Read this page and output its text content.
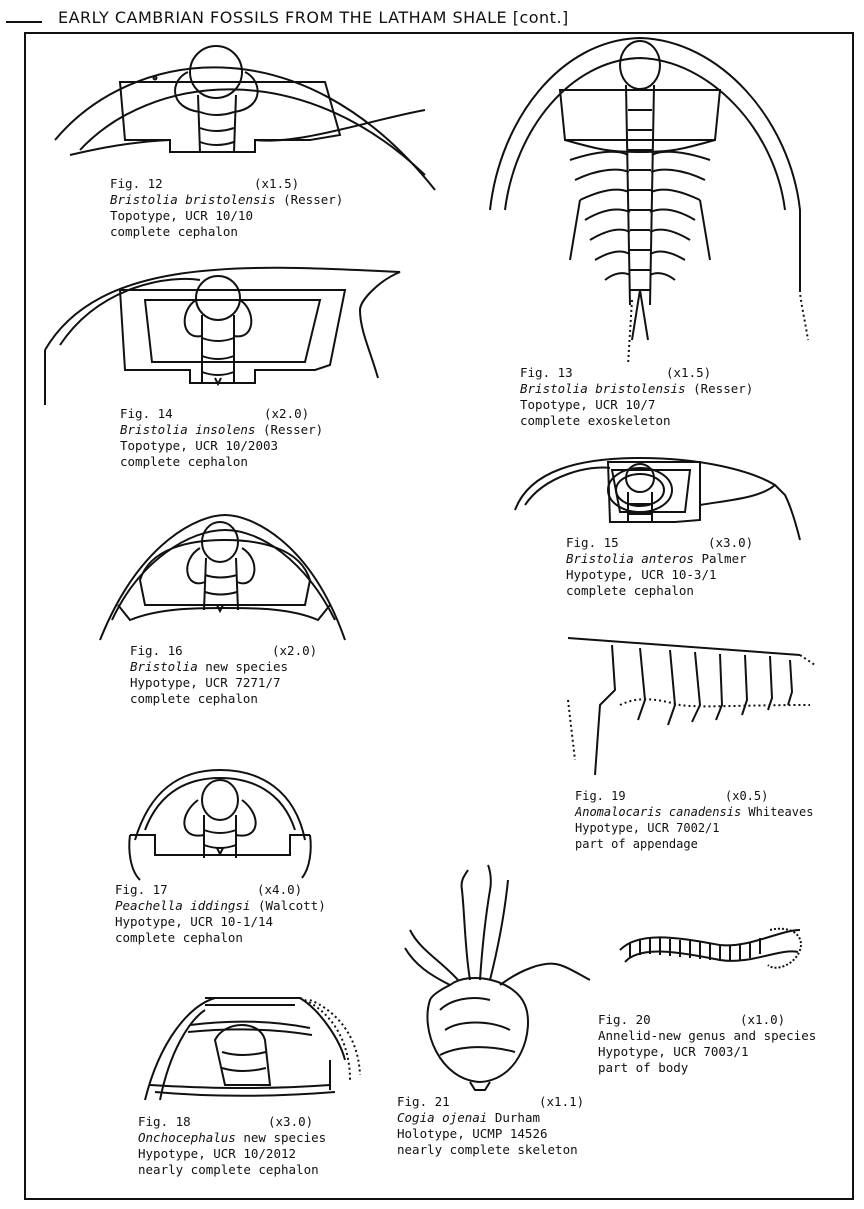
EARLY CAMBRIAN FOSSILS FROM THE LATHAM SHALE [cont.]
Fig. 12	(x1.5)
Bristolia bristolensis (Resser)
Topotype, UCR 10/10
complete cephalon
Fig. 13	(x1.5)
Bristolia bristolensis (Resser)
Topotype, UCR 10/7
complete exoskeleton
Fig. 14	(x2.0)
Bristolia insolens (Resser)
Topotype, UCR 10/2003
complete cephalon
Fig. 15	(x3.0)
Bristolia anteros Palmer
Hypotype, UCR 10-3/1
complete cephalon
Fig. 16	(x2.0)
Bristolia new species
Hypotype, UCR 7271/7
complete cephalon
Fig. 17	(x4.0)
Peachella iddingsi (Walcott)
Hypotype, UCR 10-1/14
complete cephalon
Fig. 18	(x3.0)
Onchocephalus new species
Hypotype, UCR 10/2012
nearly complete cephalon
Fig. 19	(x0.5)
Anomalocaris canadensis Whiteaves
Hypotype, UCR 7002/1
part of appendage
Fig. 20	(x1.0)
Annelid-new genus and species
Hypotype, UCR 7003/1
part of body
Fig. 21	(x1.1)
Cogia ojenai Durham
Holotype, UCMP 14526
nearly complete skeleton
